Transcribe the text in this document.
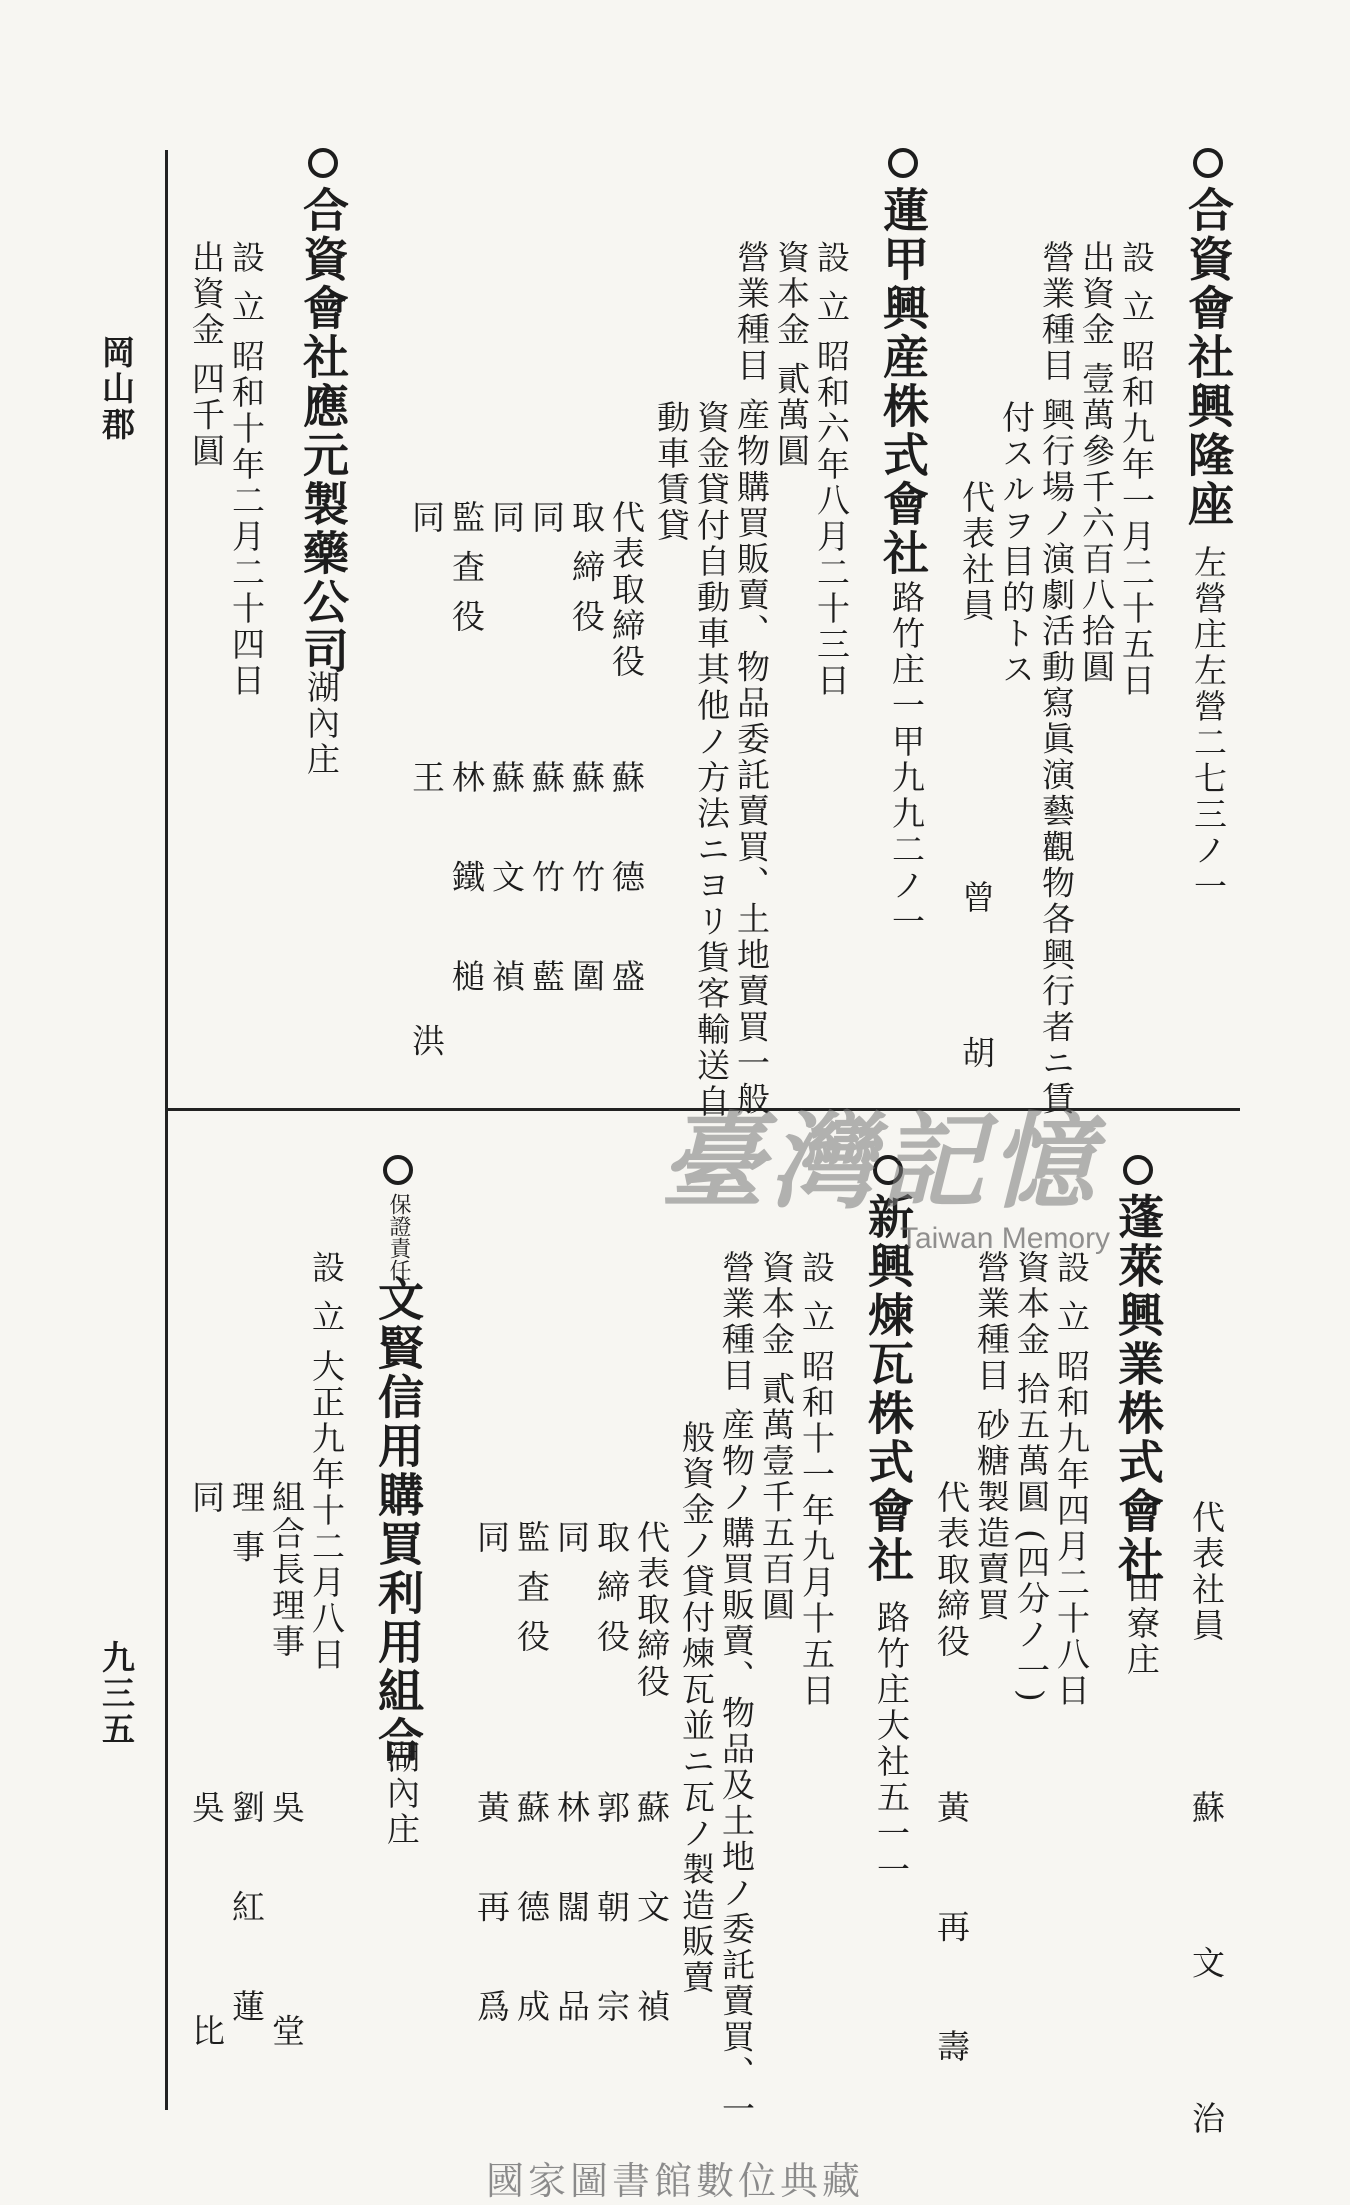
岡山郡
九三五
合資會社興隆座
左營庄左營二七三ノ一
設 立 昭和九年一月二十五日
出資金 壹萬參千六百八拾圓
營業種目 興行場ノ演劇活動寫眞演藝觀物各興行者ニ賃
付スルヲ目的トス
代表社員
曾 胡
蓮甲興産株式會社
路竹庄一甲九九二ノ一
設 立 昭和六年八月二十三日
資本金 貳萬圓
營業種目 産物購買販賣、物品委託賣買、土地賣買一般
資金貸付自動車其他ノ方法ニヨリ貨客輸送自
動車賃貸
代表取締役
蘇 德 盛
取 締 役
蘇 竹 圍
同
蘇 竹 藍
同
蘇 文 禎
監 査 役
林 鐵 槌
同
王 洪
合資會社應元製藥公司
湖內庄
設 立 昭和十年二月二十四日
出資金 四千圓
代表社員
蘇 文 治
蓬萊興業株式會社
田寮庄
設 立 昭和九年四月二十八日
資本金 拾五萬圓 (四分ノ一)
營業種目 砂糖製造賣買
代表取締役
黃 再 壽
新興煉瓦株式會社
路竹庄大社五一一
設 立 昭和十一年九月十五日
資本金 貳萬壹千五百圓
營業種目 産物ノ購買販賣、物品及土地ノ委託賣買、一
般資金ノ貸付煉瓦並ニ瓦ノ製造販賣
代表取締役
蘇 文 禎
取 締 役
郭 朝 宗
同
林 闊 品
監 査 役
蘇 德 成
同
黃 再 爲
保證責任文賢信用購買利用組合
湖內庄
設 立 大正九年十二月八日
組合長理事
吳 堂
理 事
劉 紅 蓮
同
吳 比
臺灣記憶
Taiwan Memory
國家圖書館數位典藏
